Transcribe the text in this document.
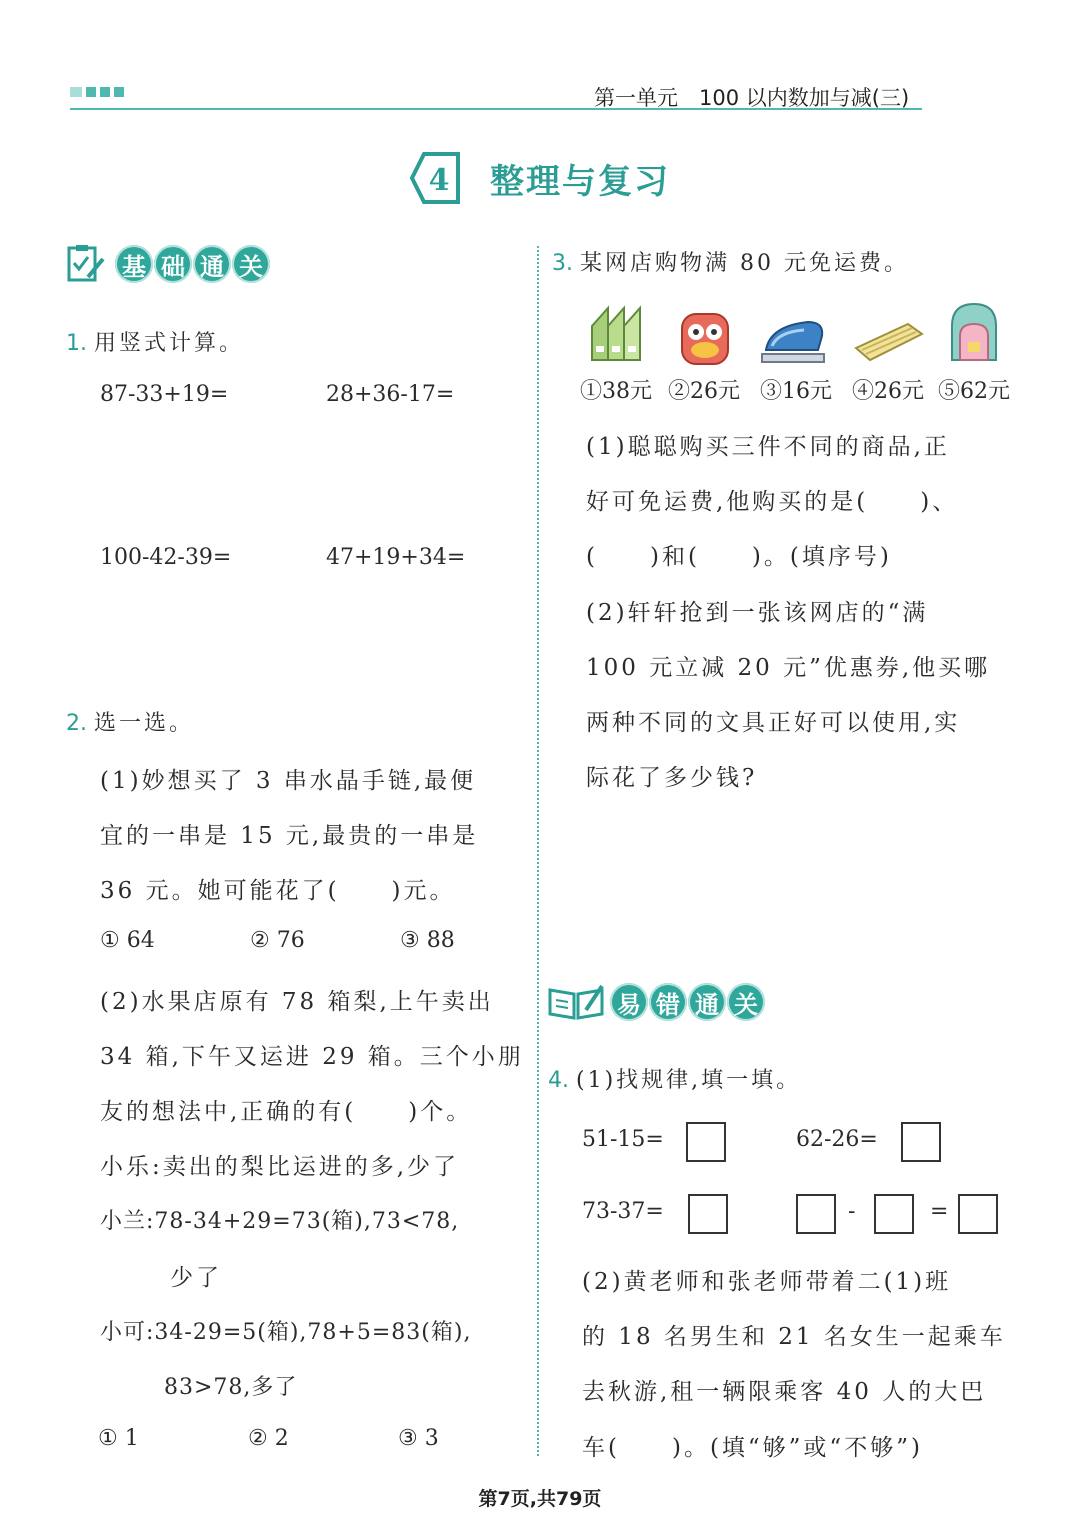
第一单元　100 以内数加与减(三)
4 整理与复习
基 础 通 关
1. 用竖式计算。
87-33+19=	28+36-17=
100-42-39=	47+19+34=
2. 选一选。
(1)妙想买了 3 串水晶手链,最便
宜的一串是 15 元,最贵的一串是
36 元。她可能花了(　　)元。
① 64	② 76	③ 88
(2)水果店原有 78 箱梨,上午卖出
34 箱,下午又运进 29 箱。三个小朋
友的想法中,正确的有(　　)个。
小乐:卖出的梨比运进的多,少了
小兰:78-34+29=73(箱),73<78,
少了
小可:34-29=5(箱),78+5=83(箱),
83>78,多了
① 1	② 2	③ 3
3. 某网店购物满 80 元免运费。
①38元 ②26元 ③16元 ④26元 ⑤62元
(1)聪聪购买三件不同的商品,正
好可免运费,他购买的是(　　)、
(　　)和(　　)。(填序号)
(2)轩轩抢到一张该网店的“满
100 元立减 20 元”优惠券,他买哪
两种不同的文具正好可以使用,实
际花了多少钱?
易 错 通 关
4. (1)找规律,填一填。
51-15=	62-26=
73-37=	-	=
(2)黄老师和张老师带着二(1)班
的 18 名男生和 21 名女生一起乘车
去秋游,租一辆限乘客 40 人的大巴
车(　　)。(填“够”或“不够”)
第7页,共79页
